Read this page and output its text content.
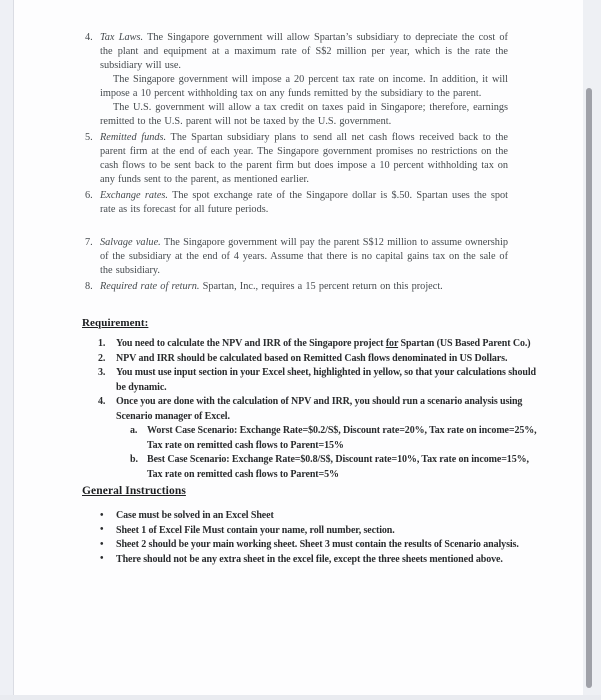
4. Tax Laws. The Singapore government will allow Spartan’s subsidiary to depreciate the cost of the plant and equipment at a maximum rate of S$2 million per year, which is the rate the subsidiary will use.
The Singapore government will impose a 20 percent tax rate on income. In addition, it will impose a 10 percent withholding tax on any funds remitted by the subsidiary to the parent.
The U.S. government will allow a tax credit on taxes paid in Singapore; therefore, earnings remitted to the U.S. parent will not be taxed by the U.S. government.
5. Remitted funds. The Spartan subsidiary plans to send all net cash flows received back to the parent firm at the end of each year. The Singapore government promises no restrictions on the cash flows to be sent back to the parent firm but does impose a 10 percent withholding tax on any funds sent to the parent, as mentioned earlier.
6. Exchange rates. The spot exchange rate of the Singapore dollar is $.50. Spartan uses the spot rate as its forecast for all future periods.
7. Salvage value. The Singapore government will pay the parent S$12 million to assume ownership of the subsidiary at the end of 4 years. Assume that there is no capital gains tax on the sale of the subsidiary.
8. Required rate of return. Spartan, Inc., requires a 15 percent return on this project.
Requirement:
1. You need to calculate the NPV and IRR of the Singapore project for Spartan (US Based Parent Co.)
2. NPV and IRR should be calculated based on Remitted Cash flows denominated in US Dollars.
3. You must use input section in your Excel sheet, highlighted in yellow, so that your calculations should be dynamic.
4. Once you are done with the calculation of NPV and IRR, you should run a scenario analysis using Scenario manager of Excel.
a. Worst Case Scenario: Exchange Rate=$0.2/S$, Discount rate=20%, Tax rate on income=25%, Tax rate on remitted cash flows to Parent=15%
b. Best Case Scenario: Exchange Rate=$0.8/S$, Discount rate=10%, Tax rate on income=15%, Tax rate on remitted cash flows to Parent=5%
General Instructions
• Case must be solved in an Excel Sheet
• Sheet 1 of Excel File Must contain your name, roll number, section.
• Sheet 2 should be your main working sheet. Sheet 3 must contain the results of Scenario analysis.
• There should not be any extra sheet in the excel file, except the three sheets mentioned above.
